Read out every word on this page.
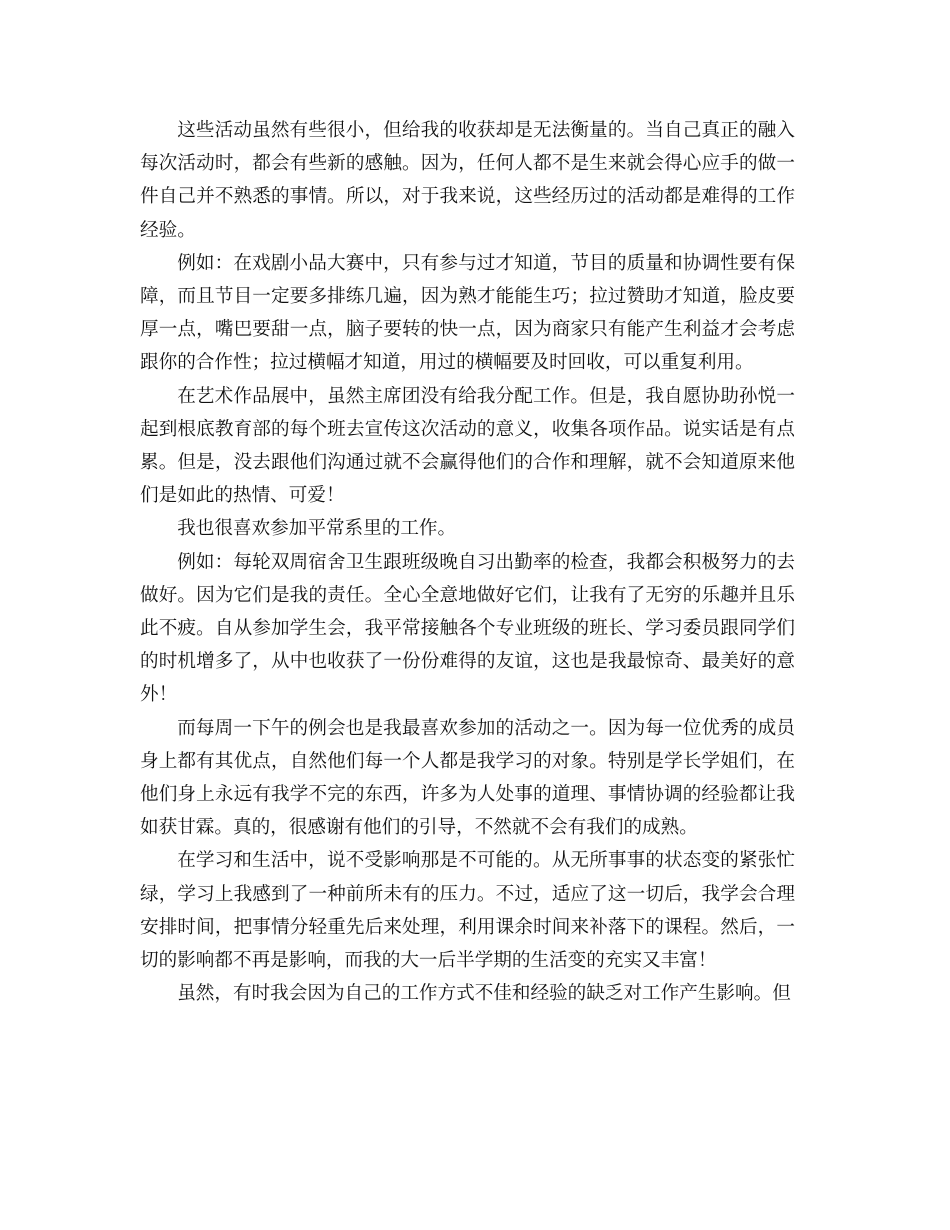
这些活动虽然有些很小，但给我的收获却是无法衡量的。当自己真正的融入每次活动时，都会有些新的感触。因为，任何人都不是生来就会得心应手的做一件自己并不熟悉的事情。所以，对于我来说，这些经历过的活动都是难得的工作经验。

例如：在戏剧小品大赛中，只有参与过才知道，节目的质量和协调性要有保障，而且节目一定要多排练几遍，因为熟才能能生巧；拉过赞助才知道，脸皮要厚一点，嘴巴要甜一点，脑子要转的快一点，因为商家只有能产生利益才会考虑跟你的合作性；拉过横幅才知道，用过的横幅要及时回收，可以重复利用。

在艺术作品展中，虽然主席团没有给我分配工作。但是，我自愿协助孙悦一起到根底教育部的每个班去宣传这次活动的意义，收集各项作品。说实话是有点累。但是，没去跟他们沟通过就不会赢得他们的合作和理解，就不会知道原来他们是如此的热情、可爱！

我也很喜欢参加平常系里的工作。

例如：每轮双周宿舍卫生跟班级晚自习出勤率的检查，我都会积极努力的去做好。因为它们是我的责任。全心全意地做好它们，让我有了无穷的乐趣并且乐此不疲。自从参加学生会，我平常接触各个专业班级的班长、学习委员跟同学们的时机增多了，从中也收获了一份份难得的友谊，这也是我最惊奇、最美好的意外！

而每周一下午的例会也是我最喜欢参加的活动之一。因为每一位优秀的成员身上都有其优点，自然他们每一个人都是我学习的对象。特别是学长学姐们，在他们身上永远有我学不完的东西，许多为人处事的道理、事情协调的经验都让我如获甘霖。真的，很感谢有他们的引导，不然就不会有我们的成熟。

在学习和生活中，说不受影响那是不可能的。从无所事事的状态变的紧张忙绿，学习上我感到了一种前所未有的压力。不过，适应了这一切后，我学会合理安排时间，把事情分轻重先后来处理，利用课余时间来补落下的课程。然后，一切的影响都不再是影响，而我的大一后半学期的生活变的充实又丰富！

虽然，有时我会因为自己的工作方式不佳和经验的缺乏对工作产生影响。但
